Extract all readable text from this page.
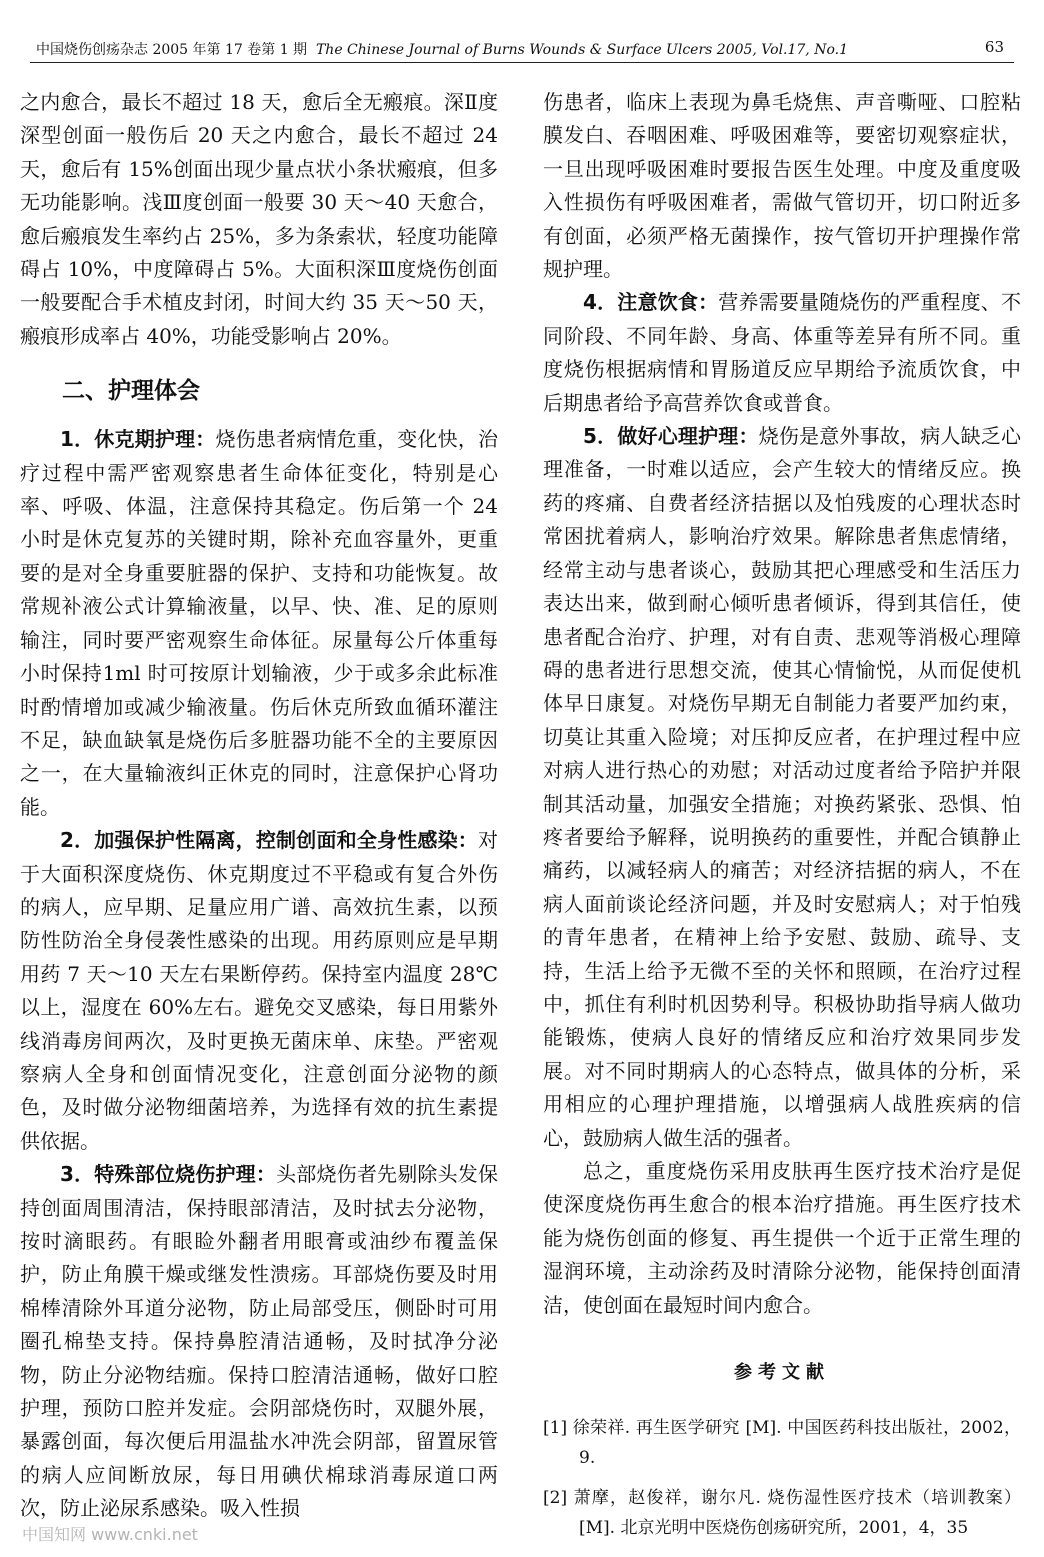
中国烧伤创疡杂志 2005 年第 17 卷第 1 期 The Chinese Journal of Burns Wounds & Surface Ulcers 2005, Vol.17, No.1	63

之内愈合，最长不超过 18 天，愈后全无瘢痕。深Ⅱ度深型创面一般伤后 20 天之内愈合，最长不超过 24 天，愈后有 15%创面出现少量点状小条状瘢痕，但多无功能影响。浅Ⅲ度创面一般要 30 天～40 天愈合，愈后瘢痕发生率约占 25%，多为条索状，轻度功能障碍占 10%，中度障碍占 5%。大面积深Ⅲ度烧伤创面一般要配合手术植皮封闭，时间大约 35 天～50 天，瘢痕形成率占 40%，功能受影响占 20%。

二、护理体会

1．休克期护理：烧伤患者病情危重，变化快，治疗过程中需严密观察患者生命体征变化，特别是心率、呼吸、体温，注意保持其稳定。伤后第一个 24 小时是休克复苏的关键时期，除补充血容量外，更重要的是对全身重要脏器的保护、支持和功能恢复。故常规补液公式计算输液量，以早、快、准、足的原则输注，同时要严密观察生命体征。尿量每公斤体重每小时保持1ml 时可按原计划输液，少于或多余此标准时酌情增加或减少输液量。伤后休克所致血循环灌注不足，缺血缺氧是烧伤后多脏器功能不全的主要原因之一，在大量输液纠正休克的同时，注意保护心肾功能。

2．加强保护性隔离，控制创面和全身性感染：对于大面积深度烧伤、休克期度过不平稳或有复合外伤的病人，应早期、足量应用广谱、高效抗生素，以预防性防治全身侵袭性感染的出现。用药原则应是早期用药 7 天～10 天左右果断停药。保持室内温度 28℃以上，湿度在 60%左右。避免交叉感染，每日用紫外线消毒房间两次，及时更换无菌床单、床垫。严密观察病人全身和创面情况变化，注意创面分泌物的颜色，及时做分泌物细菌培养，为选择有效的抗生素提供依据。

3．特殊部位烧伤护理：头部烧伤者先剔除头发保持创面周围清洁，保持眼部清洁，及时拭去分泌物，按时滴眼药。有眼睑外翻者用眼膏或油纱布覆盖保护，防止角膜干燥或继发性溃疡。耳部烧伤要及时用棉棒清除外耳道分泌物，防止局部受压，侧卧时可用圈孔棉垫支持。保持鼻腔清洁通畅，及时拭净分泌物，防止分泌物结痂。保持口腔清洁通畅，做好口腔护理，预防口腔并发症。会阴部烧伤时，双腿外展，暴露创面，每次便后用温盐水冲洗会阴部，留置尿管的病人应间断放尿，每日用碘伏棉球消毒尿道口两次，防止泌尿系感染。吸入性损

伤患者，临床上表现为鼻毛烧焦、声音嘶哑、口腔粘膜发白、吞咽困难、呼吸困难等，要密切观察症状，一旦出现呼吸困难时要报告医生处理。中度及重度吸入性损伤有呼吸困难者，需做气管切开，切口附近多有创面，必须严格无菌操作，按气管切开护理操作常规护理。

4．注意饮食：营养需要量随烧伤的严重程度、不同阶段、不同年龄、身高、体重等差异有所不同。重度烧伤根据病情和胃肠道反应早期给予流质饮食，中后期患者给予高营养饮食或普食。

5．做好心理护理：烧伤是意外事故，病人缺乏心理准备，一时难以适应，会产生较大的情绪反应。换药的疼痛、自费者经济拮据以及怕残废的心理状态时常困扰着病人，影响治疗效果。解除患者焦虑情绪，经常主动与患者谈心，鼓励其把心理感受和生活压力表达出来，做到耐心倾听患者倾诉，得到其信任，使患者配合治疗、护理，对有自责、悲观等消极心理障碍的患者进行思想交流，使其心情愉悦，从而促使机体早日康复。对烧伤早期无自制能力者要严加约束，切莫让其重入险境；对压抑反应者，在护理过程中应对病人进行热心的劝慰；对活动过度者给予陪护并限制其活动量，加强安全措施；对换药紧张、恐惧、怕疼者要给予解释，说明换药的重要性，并配合镇静止痛药，以减轻病人的痛苦；对经济拮据的病人，不在病人面前谈论经济问题，并及时安慰病人；对于怕残的青年患者，在精神上给予安慰、鼓励、疏导、支持，生活上给予无微不至的关怀和照顾，在治疗过程中，抓住有利时机因势利导。积极协助指导病人做功能锻炼，使病人良好的情绪反应和治疗效果同步发展。对不同时期病人的心态特点，做具体的分析，采用相应的心理护理措施，以增强病人战胜疾病的信心，鼓励病人做生活的强者。

总之，重度烧伤采用皮肤再生医疗技术治疗是促使深度烧伤再生愈合的根本治疗措施。再生医疗技术能为烧伤创面的修复、再生提供一个近于正常生理的湿润环境，主动涂药及时清除分泌物，能保持创面清洁，使创面在最短时间内愈合。

参考文献

[1] 徐荣祥. 再生医学研究 [M]. 中国医药科技出版社，2002，9.

[2] 萧摩，赵俊祥，谢尔凡. 烧伤湿性医疗技术（培训教案）[M]. 北京光明中医烧伤创疡研究所，2001，4，35

中国知网 www.cnki.net
